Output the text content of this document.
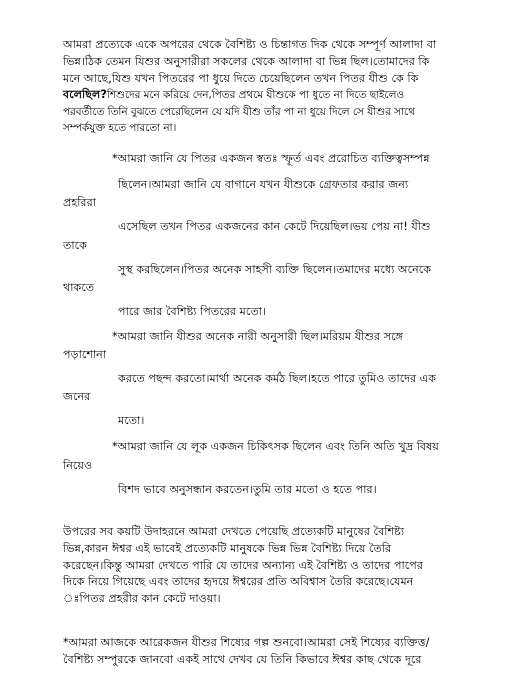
আমরা প্রত্যেকে একে অপরের থেকে বৈশিষ্ট্য ও চিন্তাগত দিক থেকে সম্পূর্ণ আলাদা বা
ভিন্ন।ঠিক তেমন যিশুর অনুসারীরা সকলের থেকে আলাদা বা ভিন্ন ছিল।তোমাদের কি
মনে আছে,যিশু যখন পিতরের পা ধুয়ে দিতে চেয়েছিলেন তখন পিতর যীশু কে কি
বলেছিল?শিশুদের মনে করিয়ে দেন,পিতর প্রথমে যীশুকে পা ধুতে না দিতে ছাইলেও
পরবর্তীতে তিনি বুঝতে পেরেছিলেন যে যদি যীশু তাঁর পা না ধুয়ে দিলে সে যীশুর সাথে
সম্পর্কযুক্ত হতে পারতো না।
*আমরা জানি যে পিতর একজন স্বতঃ স্ফূর্ত এবং প্ররোচিত ব্যক্তিত্বসম্পন্ন
ছিলেন।আমরা জানি যে বাগানে যখন যীশুকে গ্রেফতার করার জন্য
প্রহরিরা
এসেছিল তখন পিতর একজনের কান কেটে দিয়েছিল।ভয় পেয় না! যীশু
তাকে
সুস্থ করছিলেন।পিতর অনেক সাহসী ব্যক্তি ছিলেন।তমাদের মধ্যে অনেকে
থাকতে
পারে জার বৈশিষ্ট্য পিতরের মতো।
*আমরা জানি যীশুর অনেক নারী অনুসারী ছিল।মরিয়ম যীশুর সঙ্গে
পড়াশোনা
করতে পছন্দ করতো।মার্থা অনেক কর্মঠ ছিল।হতে পারে তুমিও তাদের এক
জনের
মতো।
*আমরা জানি যে লূক একজন চিকিৎসক ছিলেন এবং তিনি অতি খুদ্র বিষয়
নিয়েও
বিশদ ভাবে অনুসন্ধান করতেন।তুমি তার মতো ও হতে পার।
উপরের সব কয়টি উদাহরনে আমরা দেখতে পেয়েছি প্রত্যেকটি মানুষের বৈশিষ্ট্য
ভিন্ন,কারন ঈশ্বর এই ভাবেই প্রত্যেকটি মানুষকে ভিন্ন ভিন্ন বৈশিষ্ট্য দিয়ে তৈরি
করেছেন।কিন্তু আমরা দেখতে পারি যে তাদের অন্যান্য এই বৈশিষ্ট্য ও তাদের পাপের
দিকে নিয়ে গিয়েছে এবং তাদের হৃদয়ে ঈশ্বরের প্রতি অবিশ্বাস তৈরি করেছে।যেমন
ঃপিতর প্রহরীর কান কেটে দাওয়া।
*আমরা আজকে আরেকজন যীশুর শিষ্যের গল্প শুনবো।আমরা সেই শিষ্যের ব্যক্তিত্ত/
বৈশিষ্ট্য সম্পুরকে জানবো একই সাথে দেখব যে তিনি কিভাবে ঈশ্বর কাছ থেকে দূরে
